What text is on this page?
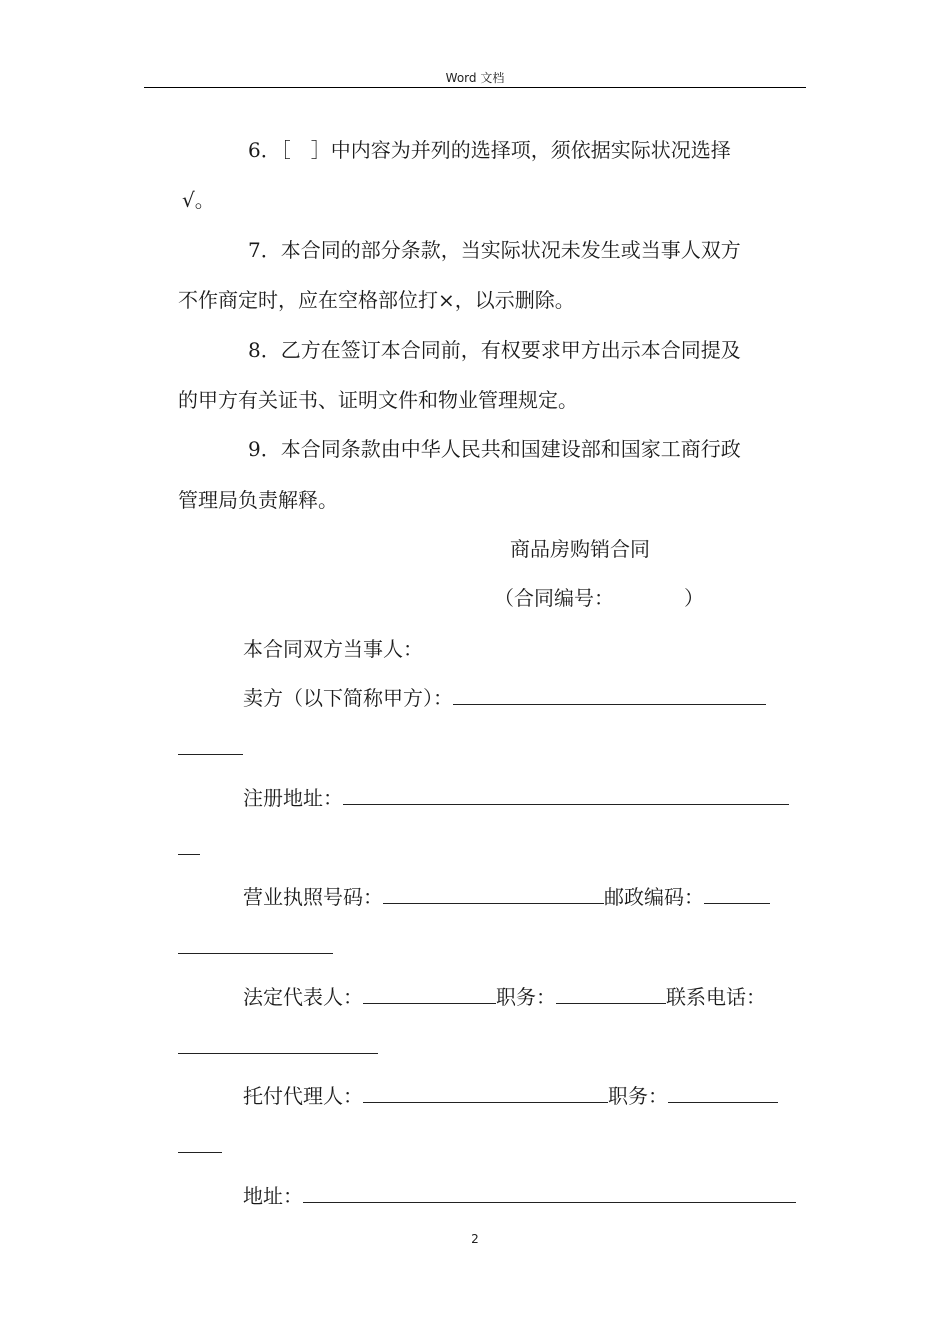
Word 文档
6．［　］中内容为并列的选择项，须依据实际状况选择
√。
7．本合同的部分条款，当实际状况未发生或当事人双方
不作商定时，应在空格部位打×，以示删除。
8．乙方在签订本合同前，有权要求甲方出示本合同提及
的甲方有关证书、证明文件和物业管理规定。
9．本合同条款由中华人民共和国建设部和国家工商行政
管理局负责解释。
商品房购销合同
（合同编号：　　　　）
本合同双方当事人：
卖方（以下简称甲方）：
注册地址：
营业执照号码：	邮政编码：
法定代表人：	职务：	联系电话：
托付代理人：	职务：
地址：
2
